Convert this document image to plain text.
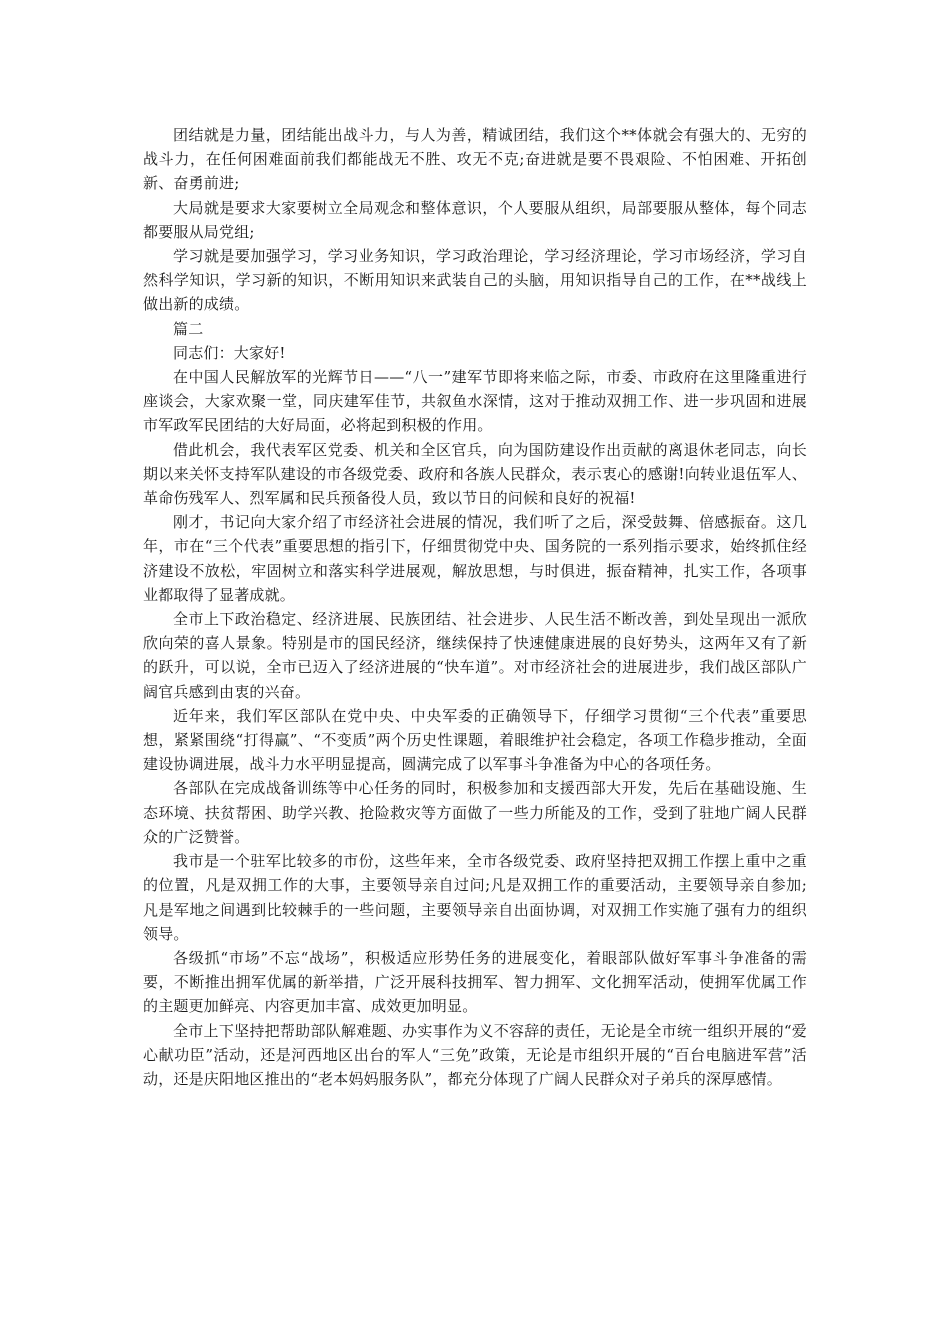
团结就是力量，团结能出战斗力，与人为善，精诚团结，我们这个**体就会有强大的、无穷的战斗力，在任何困难面前我们都能战无不胜、攻无不克;奋进就是要不畏艰险、不怕困难、开拓创新、奋勇前进;

大局就是要求大家要树立全局观念和整体意识，个人要服从组织，局部要服从整体，每个同志都要服从局党组;

学习就是要加强学习，学习业务知识，学习政治理论，学习经济理论，学习市场经济，学习自然科学知识，学习新的知识，不断用知识来武装自己的头脑，用知识指导自己的工作，在**战线上做出新的成绩。

篇二

同志们：大家好!

在中国人民解放军的光辉节日——“八一”建军节即将来临之际，市委、市政府在这里隆重进行座谈会，大家欢聚一堂，同庆建军佳节，共叙鱼水深情，这对于推动双拥工作、进一步巩固和进展市军政军民团结的大好局面，必将起到积极的作用。

借此机会，我代表军区党委、机关和全区官兵，向为国防建设作出贡献的离退休老同志，向长期以来关怀支持军队建设的市各级党委、政府和各族人民群众，表示衷心的感谢!向转业退伍军人、革命伤残军人、烈军属和民兵预备役人员，致以节日的问候和良好的祝福!

刚才，书记向大家介绍了市经济社会进展的情况，我们听了之后，深受鼓舞、倍感振奋。这几年，市在“三个代表”重要思想的指引下，仔细贯彻党中央、国务院的一系列指示要求，始终抓住经济建设不放松，牢固树立和落实科学进展观，解放思想，与时俱进，振奋精神，扎实工作，各项事业都取得了显著成就。

全市上下政治稳定、经济进展、民族团结、社会进步、人民生活不断改善，到处呈现出一派欣欣向荣的喜人景象。特别是市的国民经济，继续保持了快速健康进展的良好势头，这两年又有了新的跃升，可以说，全市已迈入了经济进展的“快车道”。对市经济社会的进展进步，我们战区部队广阔官兵感到由衷的兴奋。

近年来，我们军区部队在党中央、中央军委的正确领导下，仔细学习贯彻“三个代表”重要思想，紧紧围绕“打得赢”、“不变质”两个历史性课题，着眼维护社会稳定，各项工作稳步推动，全面建设协调进展，战斗力水平明显提高，圆满完成了以军事斗争准备为中心的各项任务。

各部队在完成战备训练等中心任务的同时，积极参加和支援西部大开发，先后在基础设施、生态环境、扶贫帮困、助学兴教、抢险救灾等方面做了一些力所能及的工作，受到了驻地广阔人民群众的广泛赞誉。

我市是一个驻军比较多的市份，这些年来，全市各级党委、政府坚持把双拥工作摆上重中之重的位置，凡是双拥工作的大事，主要领导亲自过问;凡是双拥工作的重要活动，主要领导亲自参加;凡是军地之间遇到比较棘手的一些问题，主要领导亲自出面协调，对双拥工作实施了强有力的组织领导。

各级抓“市场”不忘“战场”，积极适应形势任务的进展变化，着眼部队做好军事斗争准备的需要，不断推出拥军优属的新举措，广泛开展科技拥军、智力拥军、文化拥军活动，使拥军优属工作的主题更加鲜亮、内容更加丰富、成效更加明显。

全市上下坚持把帮助部队解难题、办实事作为义不容辞的责任，无论是全市统一组织开展的“爱心献功臣”活动，还是河西地区出台的军人“三免”政策，无论是市组织开展的“百台电脑进军营”活动，还是庆阳地区推出的“老本妈妈服务队”，都充分体现了广阔人民群众对子弟兵的深厚感情。
